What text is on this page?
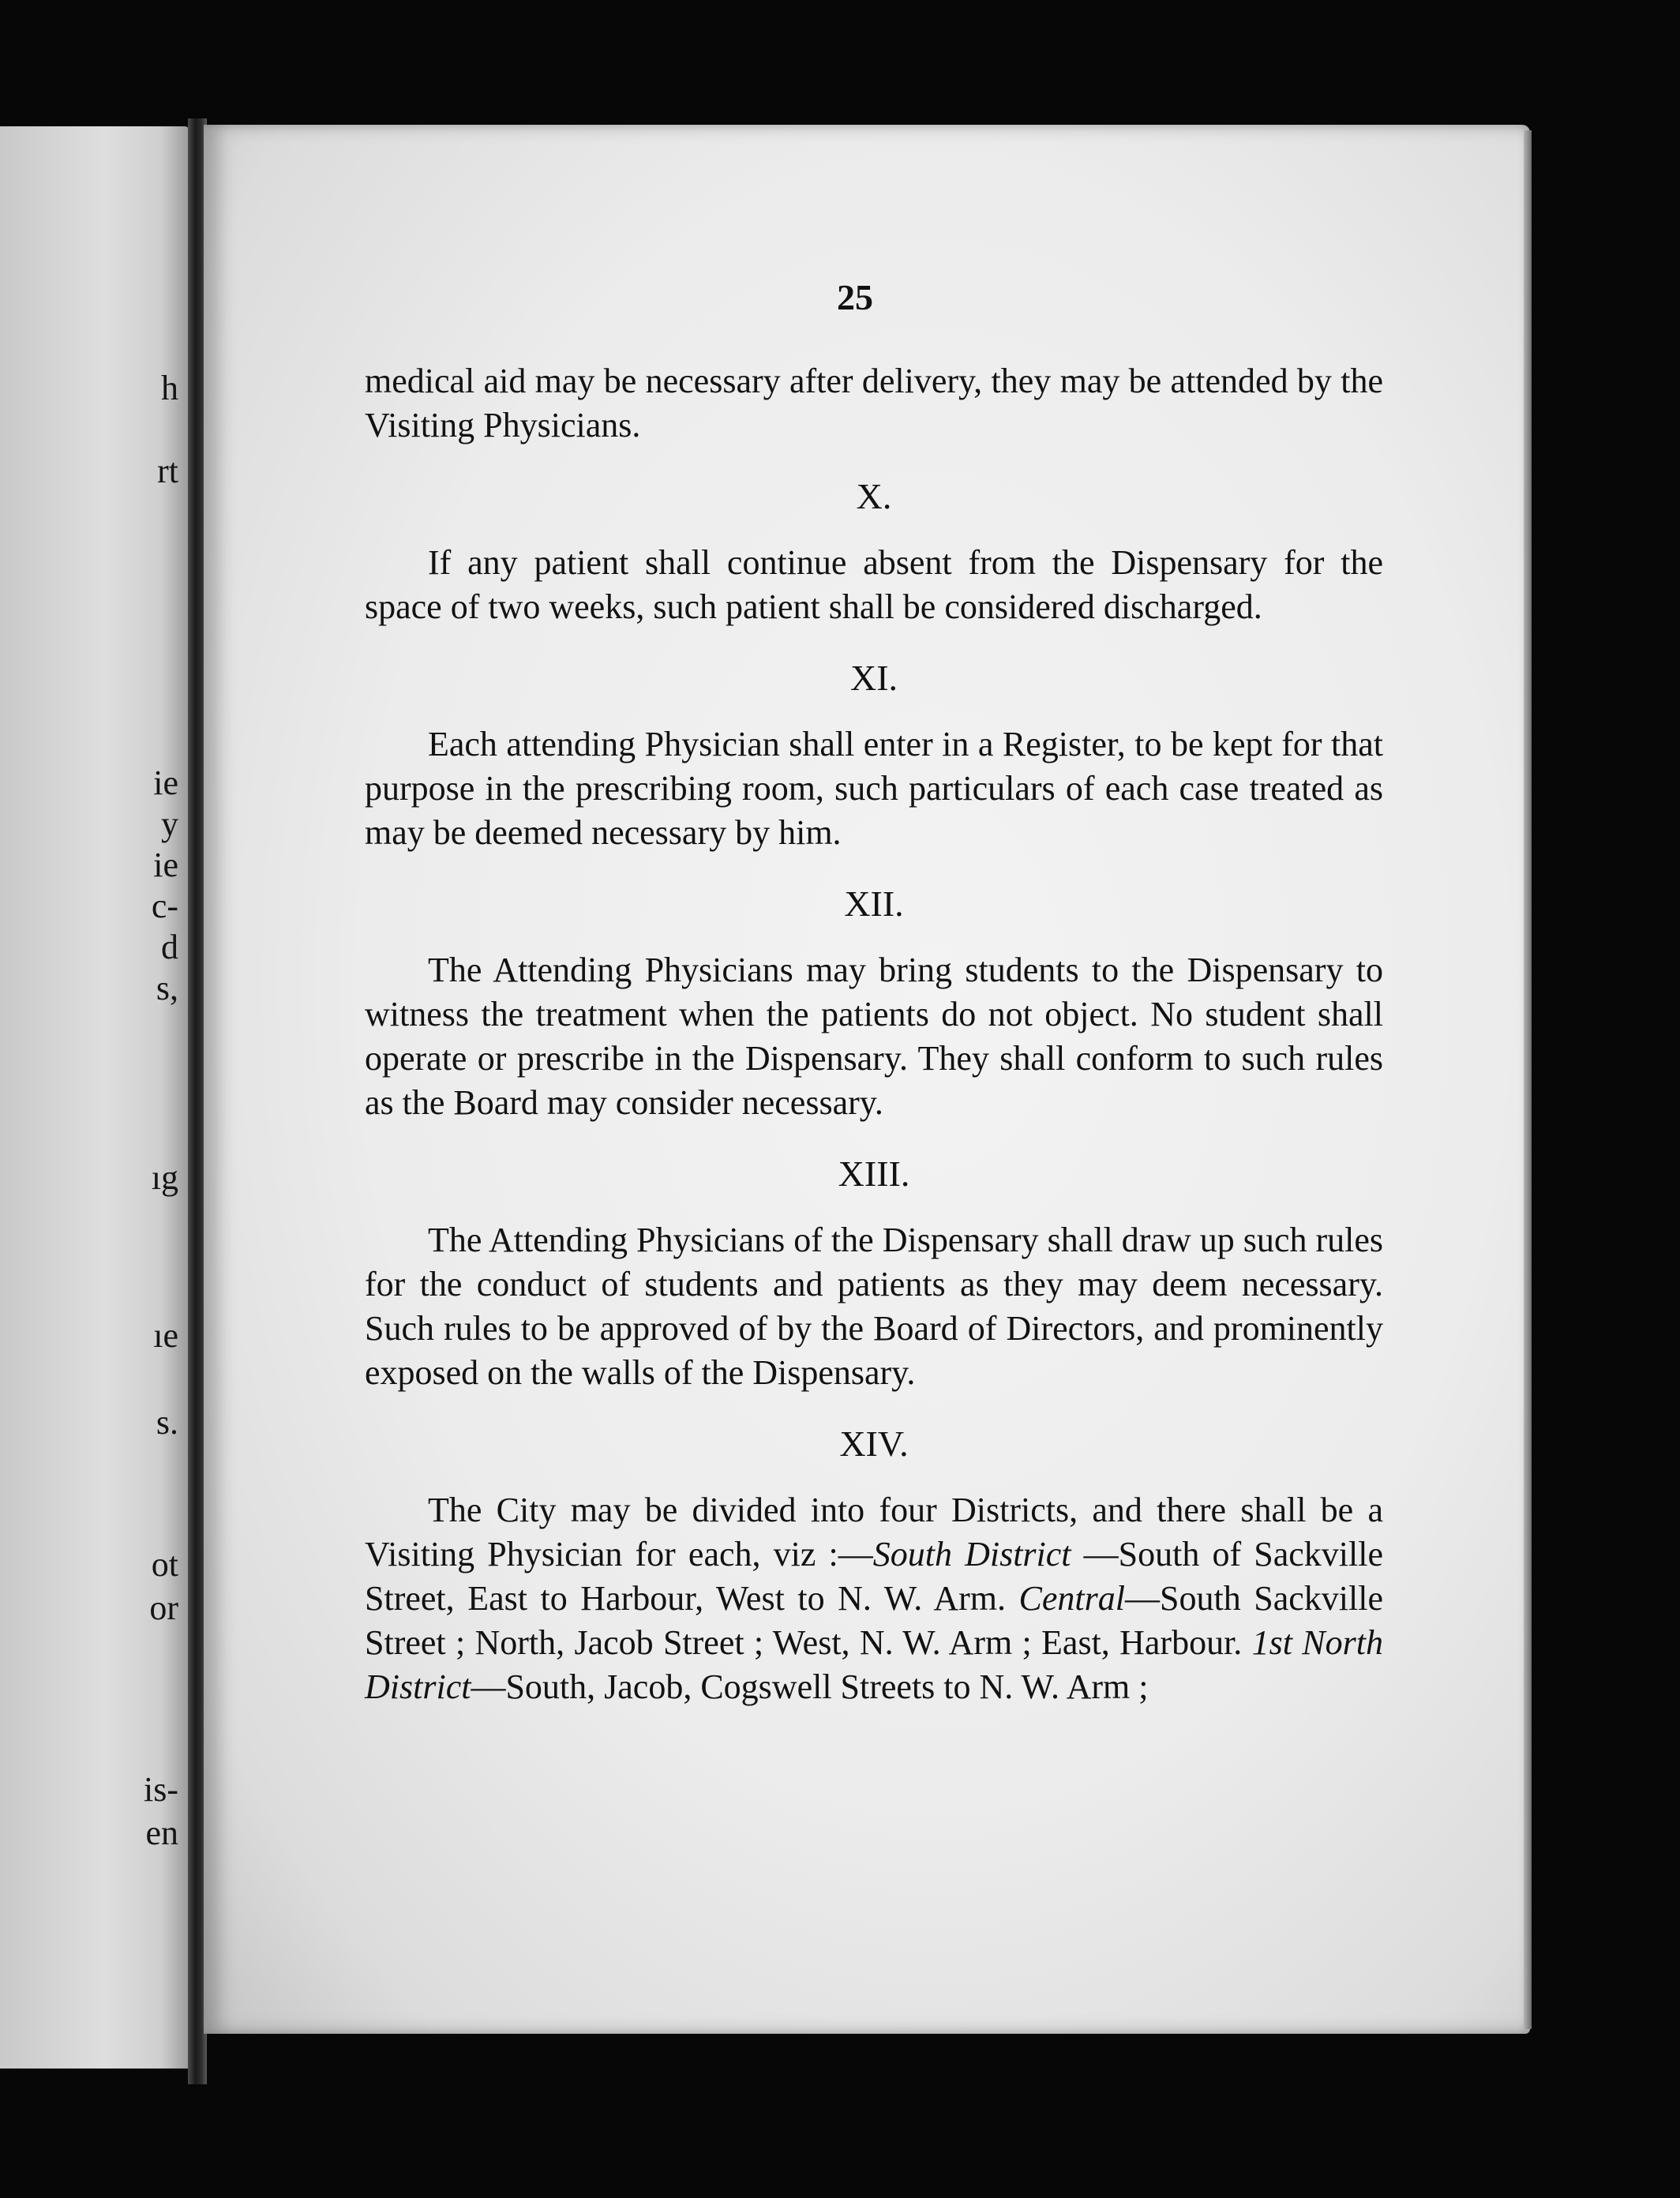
h
rt
ie
y
ie
c-
d
s,
ıg
ıe
s.
ot
or
is-
en
25

medical aid may be necessary after delivery, they may be attended by the Visiting Physicians.

X.

If any patient shall continue absent from the Dispensary for the space of two weeks, such patient shall be considered discharged.

XI.

Each attending Physician shall enter in a Register, to be kept for that purpose in the prescribing room, such particulars of each case treated as may be deemed necessary by him.

XII.

The Attending Physicians may bring students to the Dispensary to witness the treatment when the patients do not object. No student shall operate or prescribe in the Dispensary. They shall conform to such rules as the Board may consider necessary.

XIII.

The Attending Physicians of the Dispensary shall draw up such rules for the conduct of students and patients as they may deem necessary. Such rules to be approved of by the Board of Directors, and prominently exposed on the walls of the Dispensary.

XIV.

The City may be divided into four Districts, and there shall be a Visiting Physician for each, viz :—South District —South of Sackville Street, East to Harbour, West to N. W. Arm. Central—South Sackville Street ; North, Jacob Street ; West, N. W. Arm ; East, Harbour. 1st North District—South, Jacob, Cogswell Streets to N. W. Arm ;
